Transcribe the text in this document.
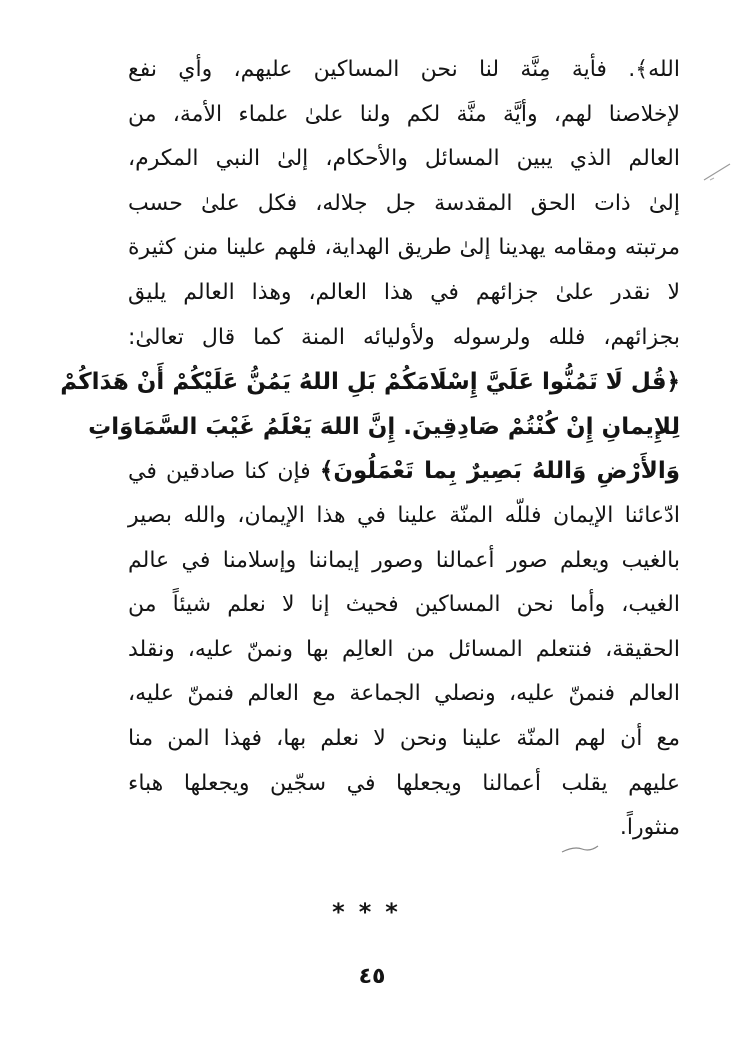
الله﴾. فأية مِنَّة لنا نحن المساكين عليهم، وأي نفع
لإخلاصنا لهم، وأيَّة منَّة لكم ولنا علىٰ علماء الأمة، من
العالم الذي يبين المسائل والأحكام، إلىٰ النبي المكرم،
إلىٰ ذات الحق المقدسة جل جلاله، فكل علىٰ حسب
مرتبته ومقامه يهدينا إلىٰ طريق الهداية، فلهم علينا منن كثيرة
لا نقدر علىٰ جزائهم في هذا العالم، وهذا العالم يليق
بجزائهم، فلله ولرسوله ولأوليائه المنة كما قال تعالىٰ:
﴿قُل لَا تَمُنُّوا عَلَيَّ إِسْلَامَكُمْ بَلِ اللهُ يَمُنُّ عَلَيْكُمْ أَنْ هَدَاكُمْ
لِلإِيمانِ إِنْ كُنْتُمْ صَادِقِينَ. إِنَّ اللهَ يَعْلَمُ غَيْبَ السَّمَاوَاتِ
وَالأَرْضِ وَاللهُ بَصِيرٌ بِما تَعْمَلُونَ﴾ فإن كنا صادقين في
ادّعائنا الإيمان فللّه المنّة علينا في هذا الإيمان، والله بصير
بالغيب ويعلم صور أعمالنا وصور إيماننا وإسلامنا في عالم
الغيب، وأما نحن المساكين فحيث إنا لا نعلم شيئاً من
الحقيقة، فنتعلم المسائل من العالِم بها ونمنّ عليه، ونقلد
العالم فنمنّ عليه، ونصلي الجماعة مع العالم فنمنّ عليه،
مع أن لهم المنّة علينا ونحن لا نعلم بها، فهذا المن منا
عليهم يقلب أعمالنا ويجعلها في سجّين ويجعلها هباء
منثوراً.
***
٤٥
